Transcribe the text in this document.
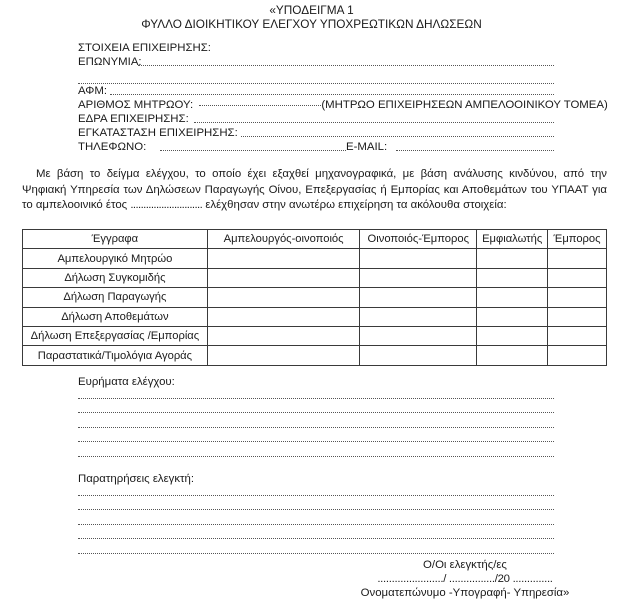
«ΥΠΟΔΕΙΓΜΑ 1
ΦΥΛΛΟ ΔΙΟΙΚΗΤΙΚΟΥ ΕΛΕΓΧΟΥ ΥΠΟΧΡΕΩΤΙΚΩΝ ΔΗΛΩΣΕΩΝ
ΣΤΟΙΧΕΙΑ ΕΠΙΧΕΙΡΗΣΗΣ:
ΕΠΩΝΥΜΙΑ:
ΑΦΜ:
ΑΡΙΘΜΟΣ ΜΗΤΡΩΟΥ:	(ΜΗΤΡΩΟ ΕΠΙΧΕΙΡΗΣΕΩΝ ΑΜΠΕΛΟΟΙΝΙΚΟΥ ΤΟΜΕΑ)
ΕΔΡΑ ΕΠΙΧΕΙΡΗΣΗΣ:
ΕΓΚΑΤΑΣΤΑΣΗ ΕΠΙΧΕΙΡΗΣΗΣ:
ΤΗΛΕΦΩΝΟ:	E-MAIL:
Με βάση το δείγμα ελέγχου, το οποίο έχει εξαχθεί μηχανογραφικά, με βάση ανάλυσης κινδύνου, από την Ψηφιακή Υπηρεσία των Δηλώσεων Παραγωγής Οίνου, Επεξεργασίας ή Εμπορίας και Αποθεμάτων του ΥΠΑΑΤ για το αμπελοοινικό έτος ............................ ελέχθησαν στην ανωτέρω επιχείρηση τα ακόλουθα στοιχεία:
Έγγραφα	Αμπελουργός-οινοποιός	Οινοποιός-Έμπορος	Εμφιαλωτής	Έμπορος
Αμπελουργικό Μητρώο				
Δήλωση Συγκομιδής				
Δήλωση Παραγωγής				
Δήλωση Αποθεμάτων				
Δήλωση Επεξεργασίας /Εμπορίας				
Παραστατικά/Τιμολόγια Αγοράς				
Ευρήματα ελέγχου:
Παρατηρήσεις ελεγκτή:
Ο/Οι ελεγκτής/ες
......................./ ................/20 ..............
Ονοματεπώνυμο -Υπογραφή- Υπηρεσία»
